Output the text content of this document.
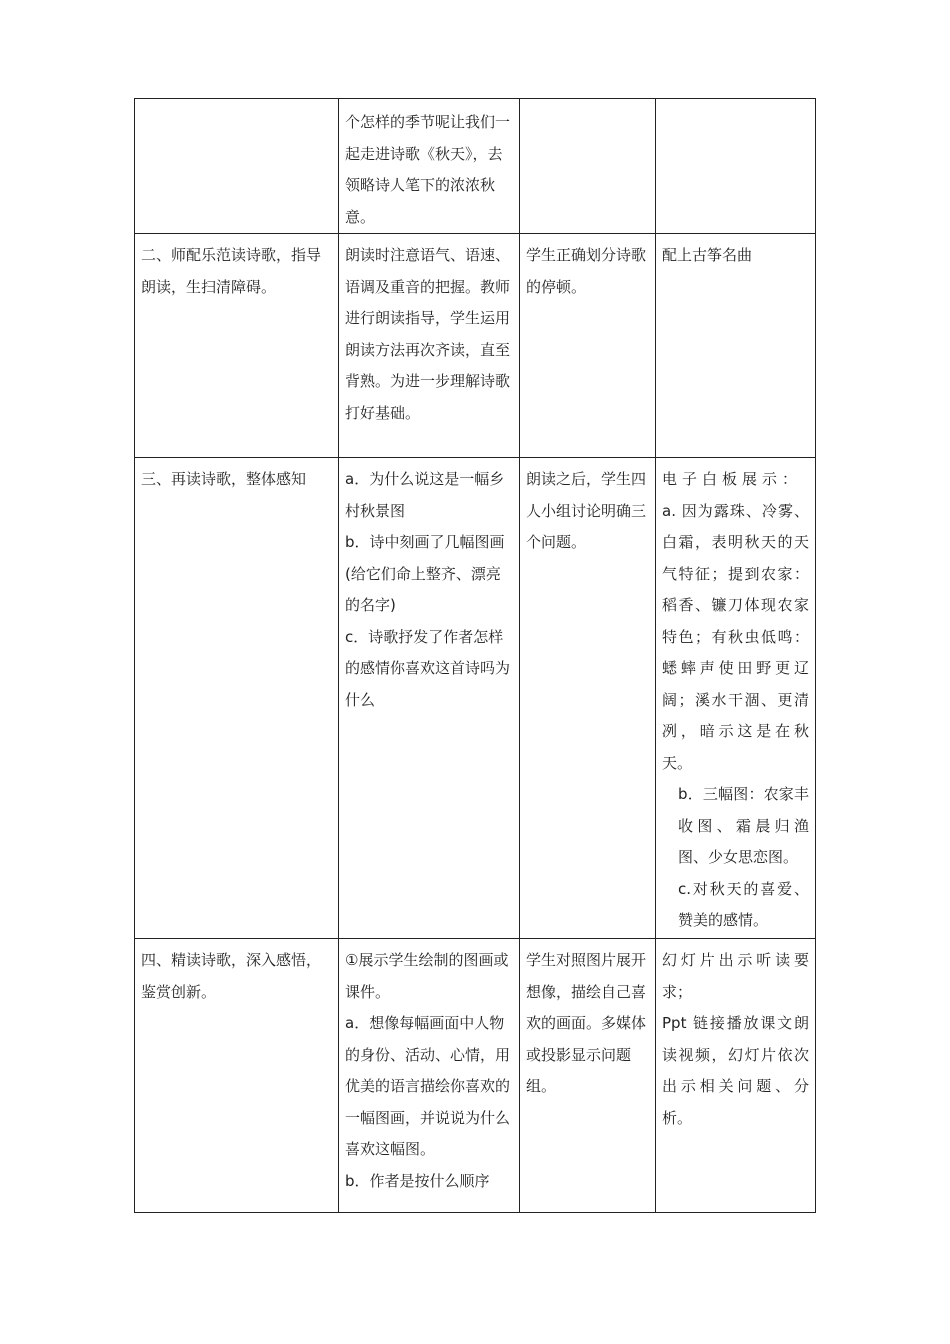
	个怎样的季节呢让我们一起走进诗歌《秋天》，去领略诗人笔下的浓浓秋意。		

二、师配乐范读诗歌，指导朗读，生扫清障碍。	朗读时注意语气、语速、语调及重音的把握。教师进行朗读指导，学生运用朗读方法再次齐读，直至背熟。为进一步理解诗歌打好基础。	学生正确划分诗歌的停顿。	配上古筝名曲

三、再读诗歌，整体感知	a．为什么说这是一幅乡村秋景图
b．诗中刻画了几幅图画(给它们命上整齐、漂亮的名字)
c．诗歌抒发了作者怎样的感情你喜欢这首诗吗为什么	朗读之后，学生四人小组讨论明确三个问题。	电子白板展示：
a. 因为露珠、冷雾、白霜，表明秋天的天气特征；提到农家：稻香、镰刀体现农家特色；有秋虫低鸣：蟋蟀声使田野更辽阔；溪水干涸、更清冽，暗示这是在秋天。
b．三幅图：农家丰收图、霜晨归渔图、少女思恋图。
c.对秋天的喜爱、赞美的感情。

四、精读诗歌，深入感悟，鉴赏创新。	①展示学生绘制的图画或课件。
a．想像每幅画面中人物的身份、活动、心情，用优美的语言描绘你喜欢的一幅图画，并说说为什么喜欢这幅图。
b．作者是按什么顺序	学生对照图片展开想像，描绘自己喜欢的画面。多媒体或投影显示问题组。	幻灯片出示听读要求；
Ppt 链接播放课文朗读视频，幻灯片依次出示相关问题、分析。
